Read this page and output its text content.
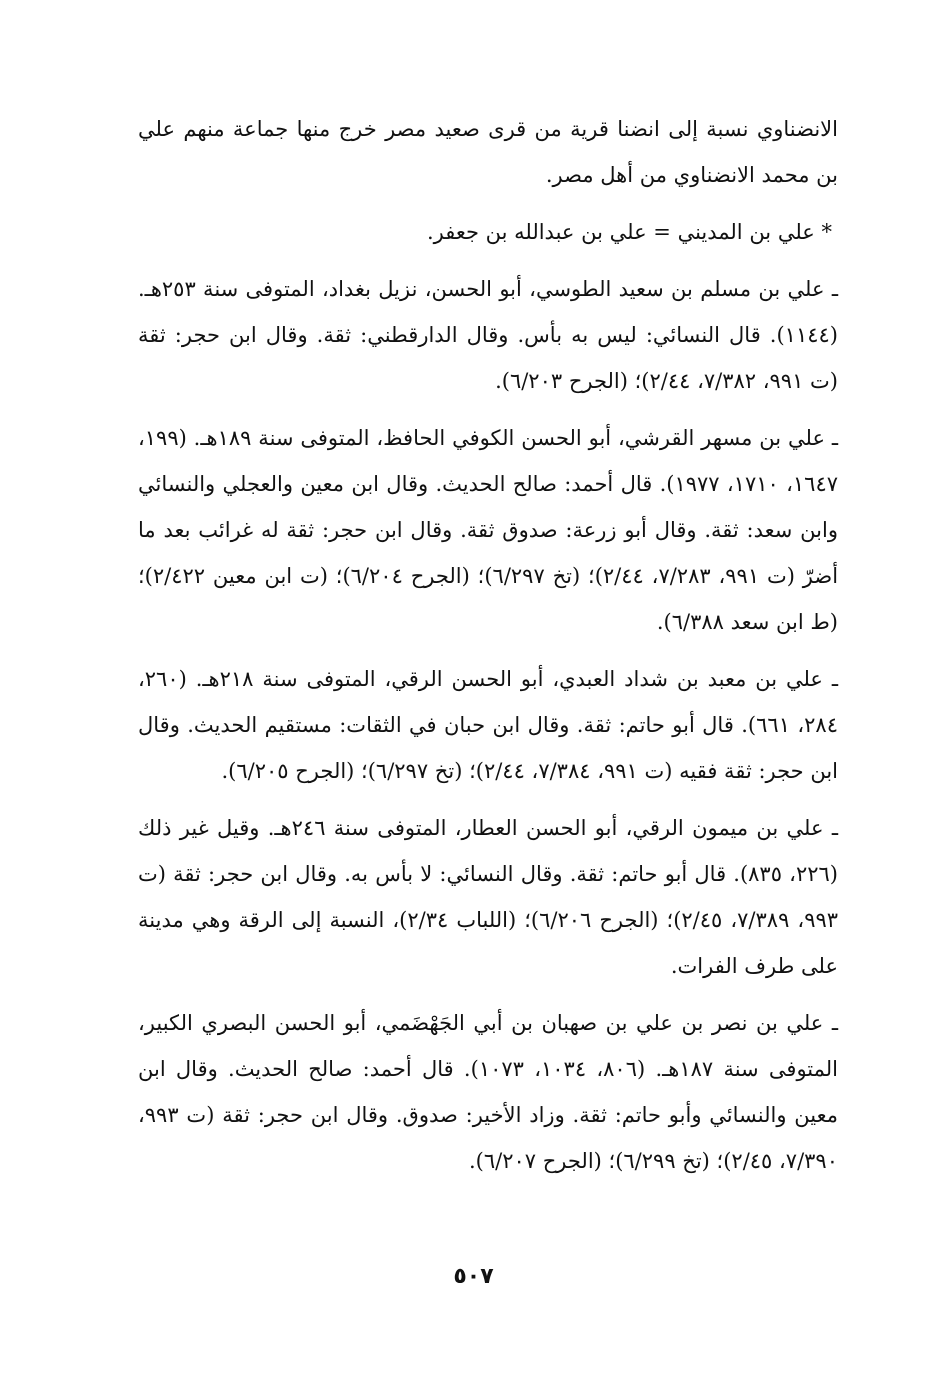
الانضناوي نسبة إلى انضنا قرية من قرى صعيد مصر خرج منها جماعة منهم علي بن محمد الانضناوي من أهل مصر.

* علي بن المديني = علي بن عبدالله بن جعفر.

ـ علي بن مسلم بن سعيد الطوسي، أبو الحسن، نزيل بغداد، المتوفى سنة ٢٥٣هـ. (١١٤٤). قال النسائي: ليس به بأس. وقال الدارقطني: ثقة. وقال ابن حجر: ثقة (ت ٩٩١، ٧/٣٨٢، ٢/٤٤)؛ (الجرح ٦/٢٠٣).

ـ علي بن مسهر القرشي، أبو الحسن الكوفي الحافظ، المتوفى سنة ١٨٩هـ. (١٩٩، ١٦٤٧، ١٧١٠، ١٩٧٧). قال أحمد: صالح الحديث. وقال ابن معين والعجلي والنسائي وابن سعد: ثقة. وقال أبو زرعة: صدوق ثقة. وقال ابن حجر: ثقة له غرائب بعد ما أضرّ (ت ٩٩١، ٧/٢٨٣، ٢/٤٤)؛ (تخ ٦/٢٩٧)؛ (الجرح ٦/٢٠٤)؛ (ت ابن معين ٢/٤٢٢)؛ (ط ابن سعد ٦/٣٨٨).

ـ علي بن معبد بن شداد العبدي، أبو الحسن الرقي، المتوفى سنة ٢١٨هـ. (٢٦٠، ٢٨٤، ٦٦١). قال أبو حاتم: ثقة. وقال ابن حبان في الثقات: مستقيم الحديث. وقال ابن حجر: ثقة فقيه (ت ٩٩١، ٧/٣٨٤، ٢/٤٤)؛ (تخ ٦/٢٩٧)؛ (الجرح ٦/٢٠٥).

ـ علي بن ميمون الرقي، أبو الحسن العطار، المتوفى سنة ٢٤٦هـ. وقيل غير ذلك (٢٢٦، ٨٣٥). قال أبو حاتم: ثقة. وقال النسائي: لا بأس به. وقال ابن حجر: ثقة (ت ٩٩٣، ٧/٣٨٩، ٢/٤٥)؛ (الجرح ٦/٢٠٦)؛ (اللباب ٢/٣٤)، النسبة إلى الرقة وهي مدينة على طرف الفرات.

ـ علي بن نصر بن علي بن صهبان بن أبي الجَهْضَمي، أبو الحسن البصري الكبير، المتوفى سنة ١٨٧هـ. (٨٠٦، ١٠٣٤، ١٠٧٣). قال أحمد: صالح الحديث. وقال ابن معين والنسائي وأبو حاتم: ثقة. وزاد الأخير: صدوق. وقال ابن حجر: ثقة (ت ٩٩٣، ٧/٣٩٠، ٢/٤٥)؛ (تخ ٦/٢٩٩)؛ (الجرح ٦/٢٠٧).

٥٠٧
